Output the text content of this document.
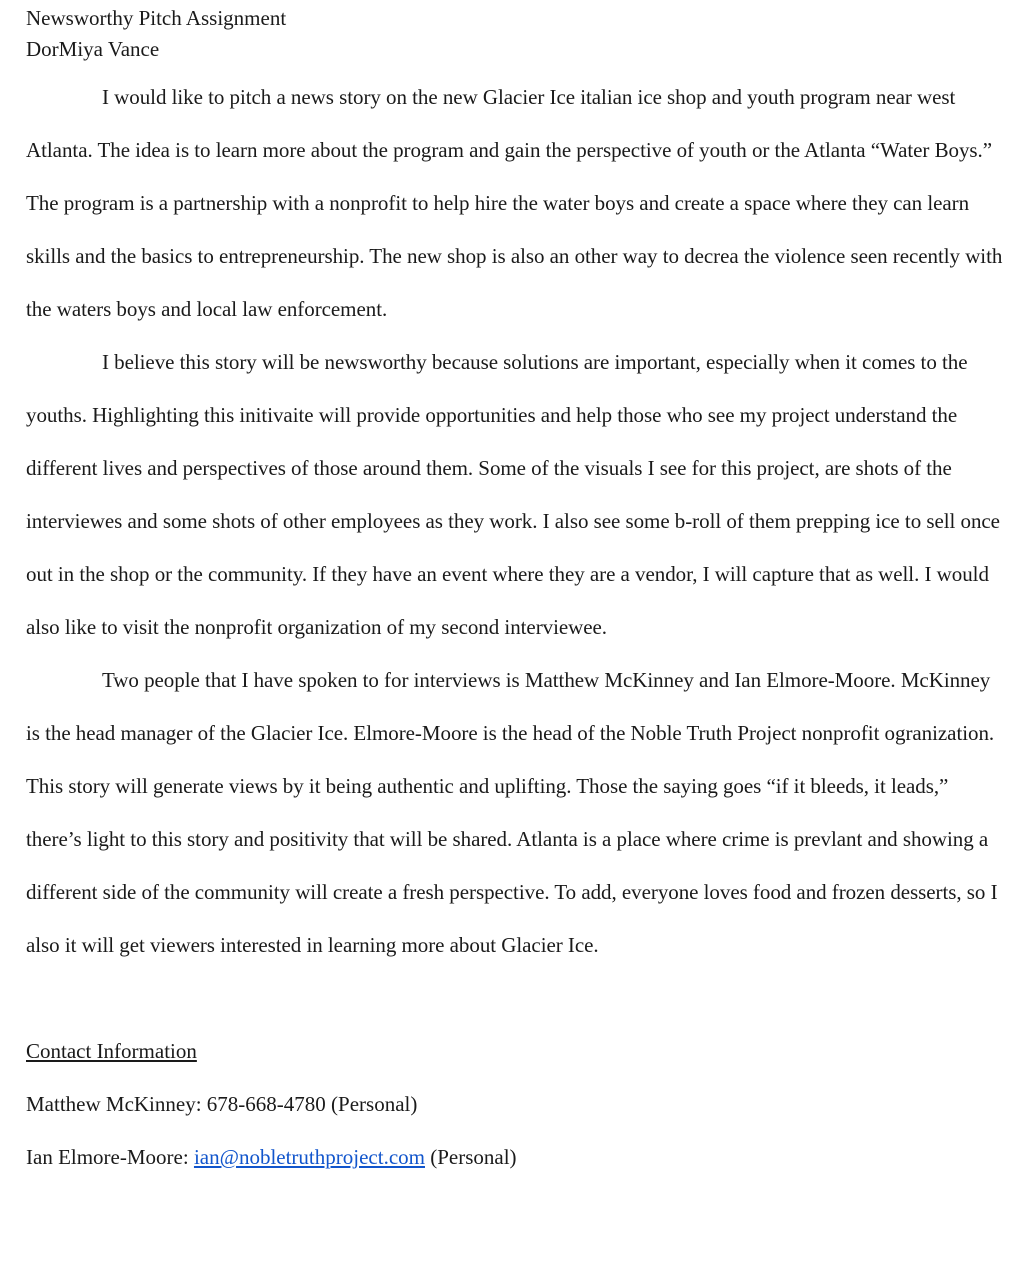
Newsworthy Pitch Assignment

DorMiya Vance

I would like to pitch a news story on the new Glacier Ice italian ice shop and youth program near west Atlanta. The idea is to learn more about the program and gain the perspective of youth or the Atlanta “Water Boys.” The program is a partnership with a nonprofit to help hire the water boys and create a space where they can learn skills and the basics to entrepreneurship. The new shop is also an other way to decrea the violence seen recently with the waters boys and local law enforcement.

I believe this story will be newsworthy because solutions are important, especially when it comes to the youths. Highlighting this initivaite will provide opportunities and help those who see my project understand the different lives and perspectives of those around them. Some of the visuals I see for this project, are shots of the interviewes and some shots of other employees as they work. I also see some b-roll of them prepping ice to sell once out in the shop or the community. If they have an event where they are a vendor, I will capture that as well. I would also like to visit the nonprofit organization of my second interviewee.

Two people that I have spoken to for interviews is Matthew McKinney and Ian Elmore-Moore. McKinney is the head manager of the Glacier Ice. Elmore-Moore is the head of the Noble Truth Project nonprofit ogranization. This story will generate views by it being authentic and uplifting. Those the saying goes “if it bleeds, it leads,” there’s light to this story and positivity that will be shared. Atlanta is a place where crime is prevlant and showing a different side of the community will create a fresh perspective. To add, everyone loves food and frozen desserts, so I also it will get viewers interested in learning more about Glacier Ice.

Contact Information

Matthew McKinney: 678-668-4780 (Personal)

Ian Elmore-Moore: ian@nobletruthproject.com (Personal)
